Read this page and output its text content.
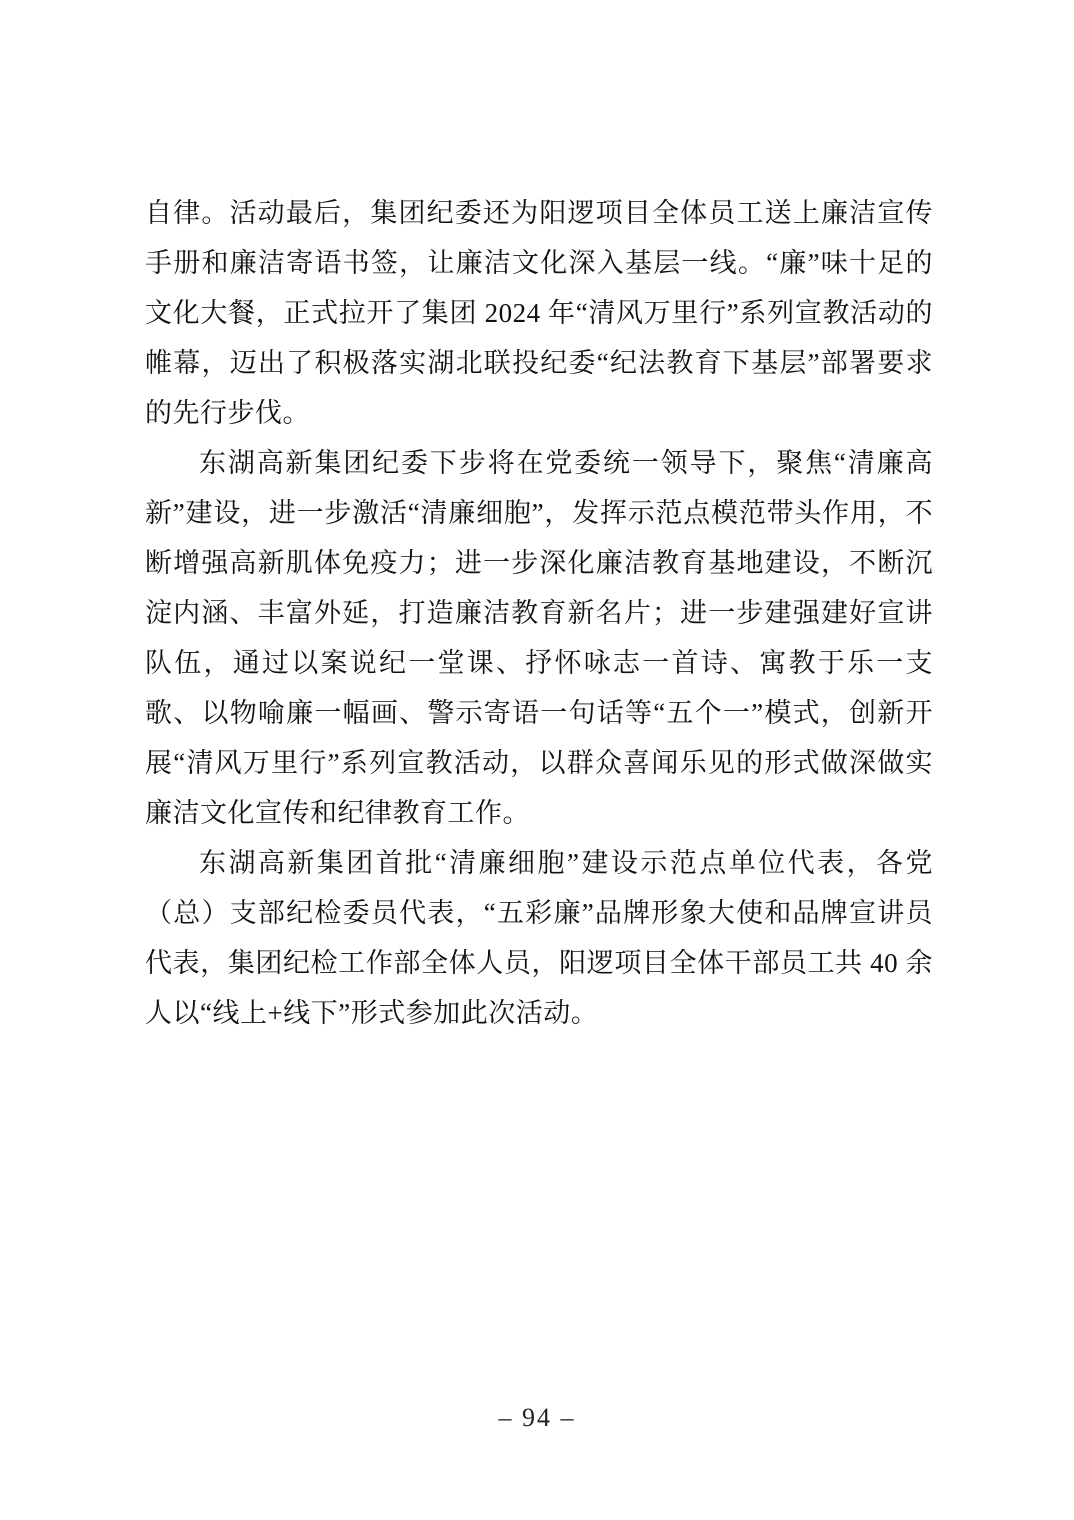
自律。活动最后，集团纪委还为阳逻项目全体员工送上廉洁宣传手册和廉洁寄语书签，让廉洁文化深入基层一线。“廉”味十足的文化大餐，正式拉开了集团 2024 年“清风万里行”系列宣教活动的帷幕，迈出了积极落实湖北联投纪委“纪法教育下基层”部署要求的先行步伐。

东湖高新集团纪委下步将在党委统一领导下，聚焦“清廉高新”建设，进一步激活“清廉细胞”，发挥示范点模范带头作用，不断增强高新肌体免疫力；进一步深化廉洁教育基地建设，不断沉淀内涵、丰富外延，打造廉洁教育新名片；进一步建强建好宣讲队伍，通过以案说纪一堂课、抒怀咏志一首诗、寓教于乐一支歌、以物喻廉一幅画、警示寄语一句话等“五个一”模式，创新开展“清风万里行”系列宣教活动，以群众喜闻乐见的形式做深做实廉洁文化宣传和纪律教育工作。

东湖高新集团首批“清廉细胞”建设示范点单位代表，各党（总）支部纪检委员代表，“五彩廉”品牌形象大使和品牌宣讲员代表，集团纪检工作部全体人员，阳逻项目全体干部员工共 40 余人以“线上+线下”形式参加此次活动。

– 94 –
